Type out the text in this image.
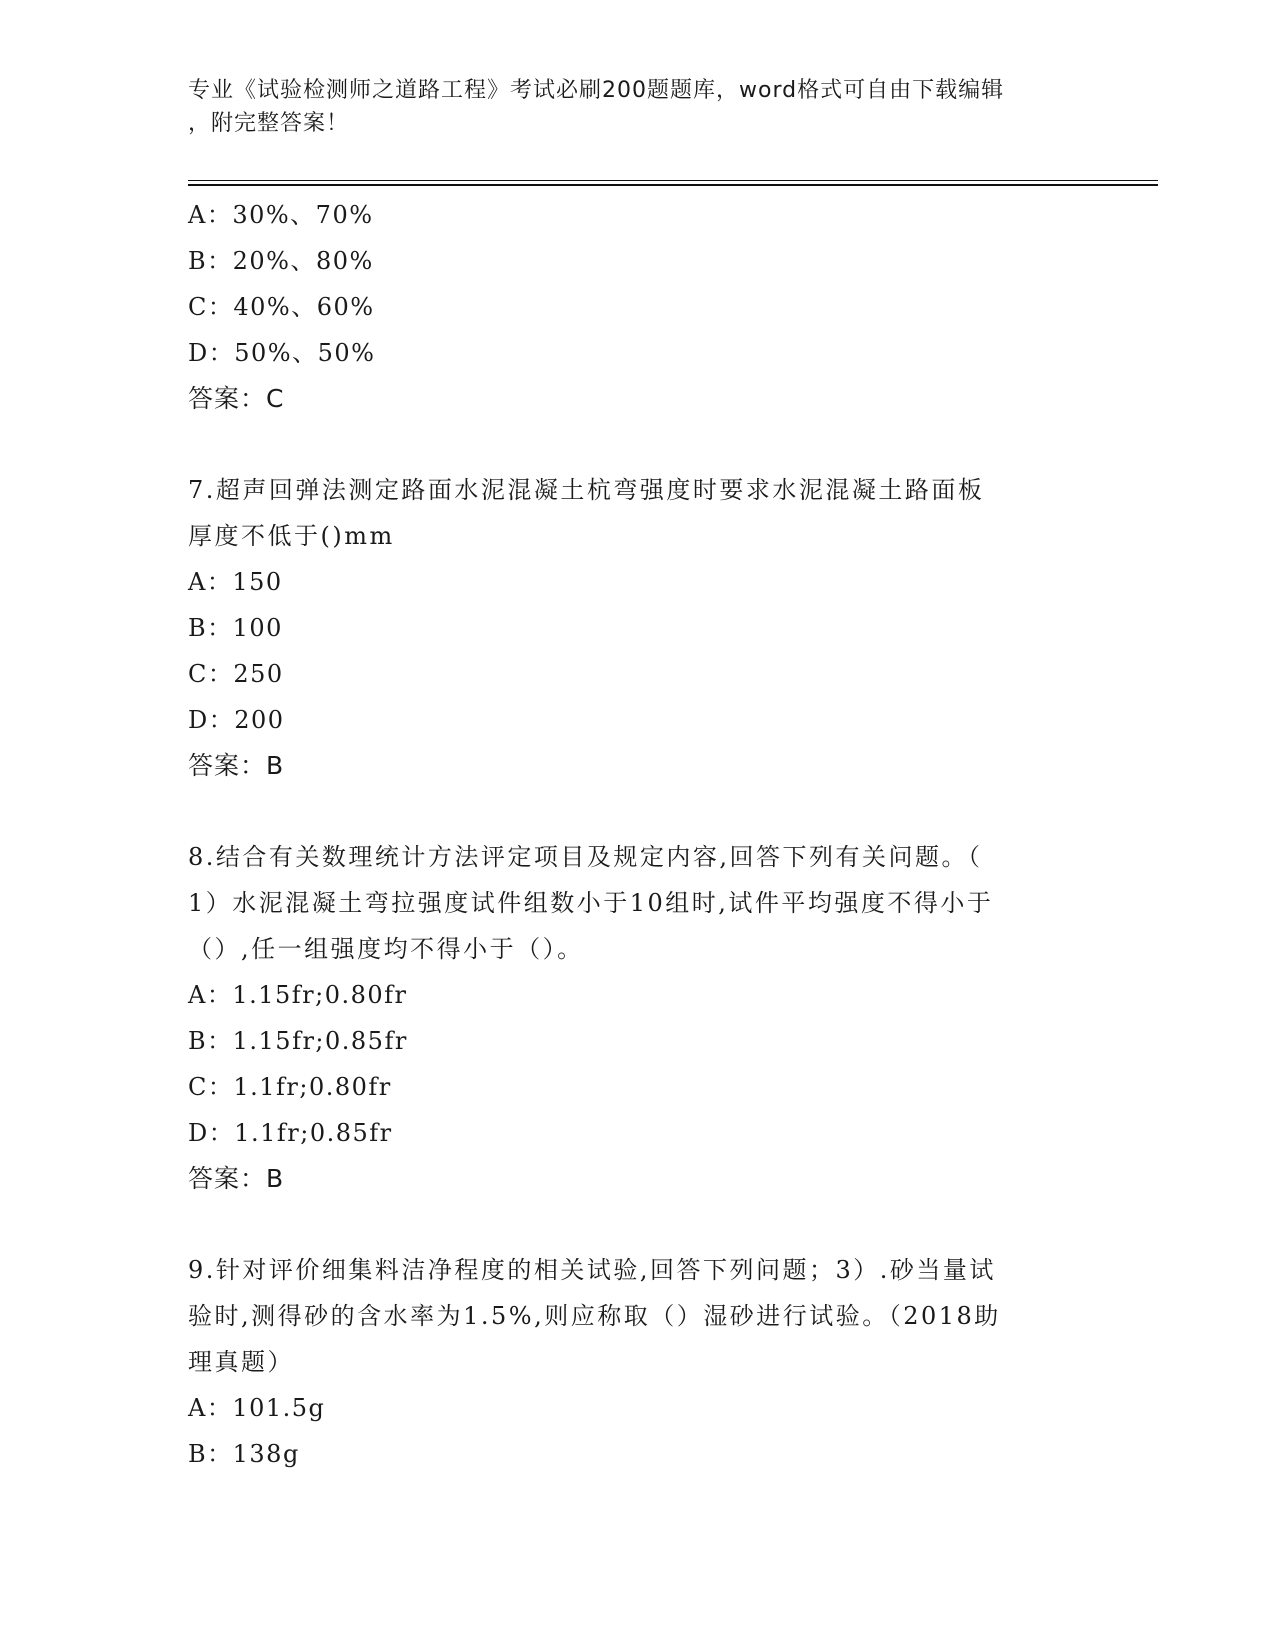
专业《试验检测师之道路工程》考试必刷200题题库，word格式可自由下载编辑
，附完整答案！
A：30%、70%
B：20%、80%
C：40%、60%
D：50%、50%
答案：C
7.超声回弹法测定路面水泥混凝土杭弯强度时要求水泥混凝土路面板
厚度不低于()mm
A：150
B：100
C：250
D：200
答案：B
8.结合有关数理统计方法评定项目及规定内容,回答下列有关问题。（
1）水泥混凝土弯拉强度试件组数小于10组时,试件平均强度不得小于
（）,任一组强度均不得小于（）。
A：1.15fr;0.80fr
B：1.15fr;0.85fr
C：1.1fr;0.80fr
D：1.1fr;0.85fr
答案：B
9.针对评价细集料洁净程度的相关试验,回答下列问题；3）.砂当量试
验时,测得砂的含水率为1.5%,则应称取（）湿砂进行试验。（2018助
理真题）
A：101.5g
B：138g
